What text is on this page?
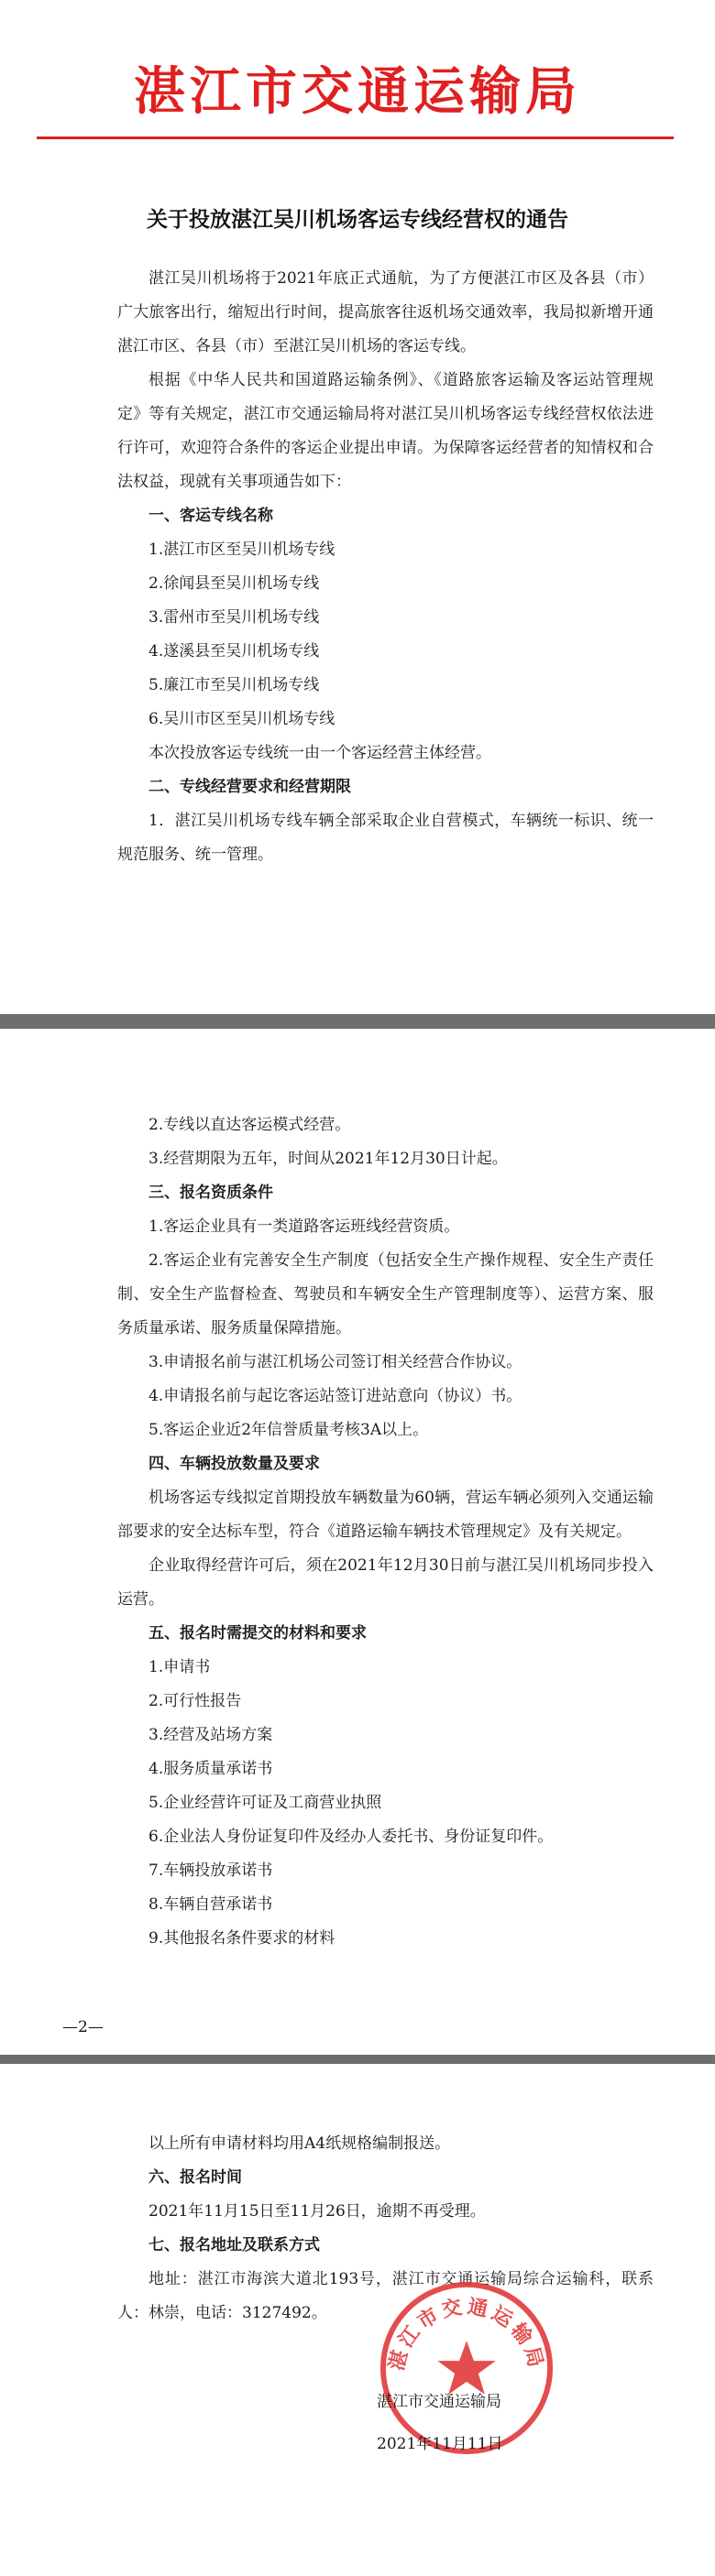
湛江市交通运输局
关于投放湛江吴川机场客运专线经营权的通告

湛江吴川机场将于2021年底正式通航，为了方便湛江市区及各县（市）广大旅客出行，缩短出行时间，提高旅客往返机场交通效率，我局拟新增开通湛江市区、各县（市）至湛江吴川机场的客运专线。

根据《中华人民共和国道路运输条例》、《道路旅客运输及客运站管理规定》等有关规定，湛江市交通运输局将对湛江吴川机场客运专线经营权依法进行许可，欢迎符合条件的客运企业提出申请。为保障客运经营者的知情权和合法权益，现就有关事项通告如下：

一、客运专线名称

1.湛江市区至吴川机场专线

2.徐闻县至吴川机场专线

3.雷州市至吴川机场专线

4.遂溪县至吴川机场专线

5.廉江市至吴川机场专线

6.吴川市区至吴川机场专线

本次投放客运专线统一由一个客运经营主体经营。

二、专线经营要求和经营期限

1．湛江吴川机场专线车辆全部采取企业自营模式，车辆统一标识、统一规范服务、统一管理。

—2—

2.专线以直达客运模式经营。

3.经营期限为五年，时间从2021年12月30日计起。

三、报名资质条件

1.客运企业具有一类道路客运班线经营资质。

2.客运企业有完善安全生产制度（包括安全生产操作规程、安全生产责任制、安全生产监督检查、驾驶员和车辆安全生产管理制度等）、运营方案、服务质量承诺、服务质量保障措施。

3.申请报名前与湛江机场公司签订相关经营合作协议。

4.申请报名前与起讫客运站签订进站意向（协议）书。

5.客运企业近2年信誉质量考核3A以上。

四、车辆投放数量及要求

机场客运专线拟定首期投放车辆数量为60辆，营运车辆必须列入交通运输部要求的安全达标车型，符合《道路运输车辆技术管理规定》及有关规定。

企业取得经营许可后，须在2021年12月30日前与湛江吴川机场同步投入运营。

五、报名时需提交的材料和要求

1.申请书

2.可行性报告

3.经营及站场方案

4.服务质量承诺书

5.企业经营许可证及工商营业执照

6.企业法人身份证复印件及经办人委托书、身份证复印件。

7.车辆投放承诺书

8.车辆自营承诺书

9.其他报名条件要求的材料

以上所有申请材料均用A4纸规格编制报送。

六、报名时间

2021年11月15日至11月26日，逾期不再受理。

七、报名地址及联系方式

地址：湛江市海滨大道北193号，湛江市交通运输局综合运输科，联系人：林崇，电话：3127492。

湛江市交通运输局
湛江市交通运输局
2021年11月11日
